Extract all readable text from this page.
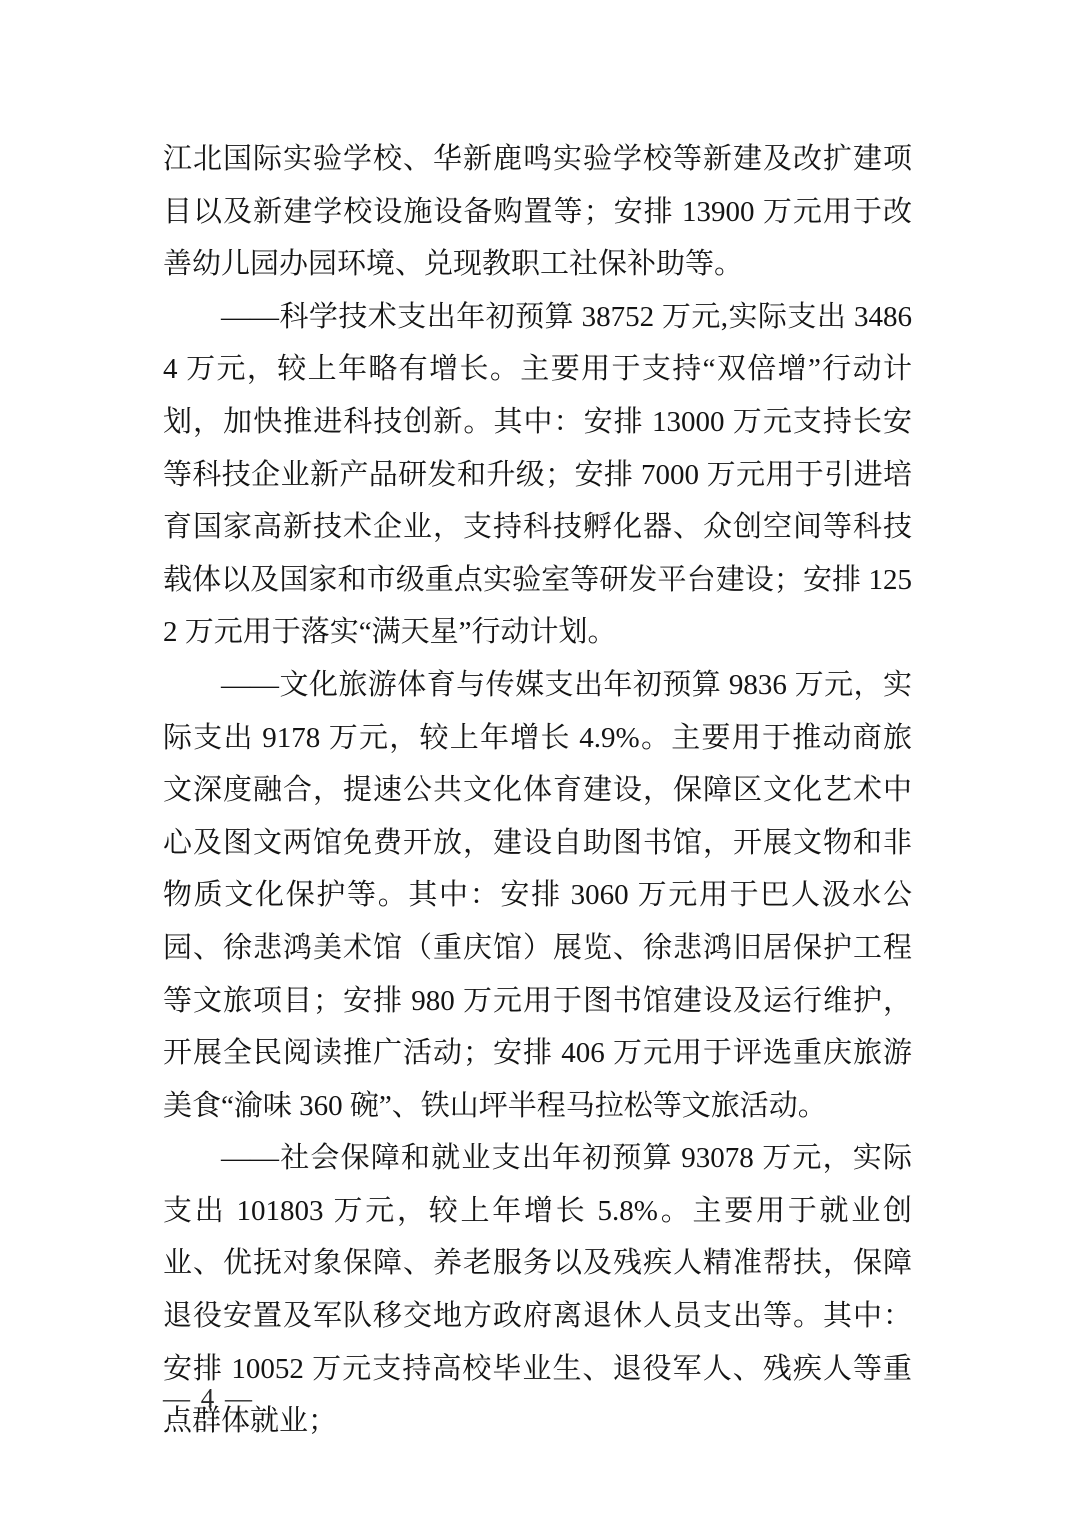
江北国际实验学校、华新鹿鸣实验学校等新建及改扩建项目以及新建学校设施设备购置等；安排 13900 万元用于改善幼儿园办园环境、兑现教职工社保补助等。

——科学技术支出年初预算 38752 万元,实际支出 34864 万元，较上年略有增长。主要用于支持“双倍增”行动计划，加快推进科技创新。其中：安排 13000 万元支持长安等科技企业新产品研发和升级；安排 7000 万元用于引进培育国家高新技术企业，支持科技孵化器、众创空间等科技载体以及国家和市级重点实验室等研发平台建设；安排 1252 万元用于落实“满天星”行动计划。

——文化旅游体育与传媒支出年初预算 9836 万元，实际支出 9178 万元，较上年增长 4.9%。主要用于推动商旅文深度融合，提速公共文化体育建设，保障区文化艺术中心及图文两馆免费开放，建设自助图书馆，开展文物和非物质文化保护等。其中：安排 3060 万元用于巴人汲水公园、徐悲鸿美术馆（重庆馆）展览、徐悲鸿旧居保护工程等文旅项目；安排 980 万元用于图书馆建设及运行维护，开展全民阅读推广活动；安排 406 万元用于评选重庆旅游美食“渝味 360 碗”、铁山坪半程马拉松等文旅活动。

——社会保障和就业支出年初预算 93078 万元，实际支出 101803 万元，较上年增长 5.8%。主要用于就业创业、优抚对象保障、养老服务以及残疾人精准帮扶，保障退役安置及军队移交地方政府离退休人员支出等。其中：安排 10052 万元支持高校毕业生、退役军人、残疾人等重点群体就业；

— 4 —
